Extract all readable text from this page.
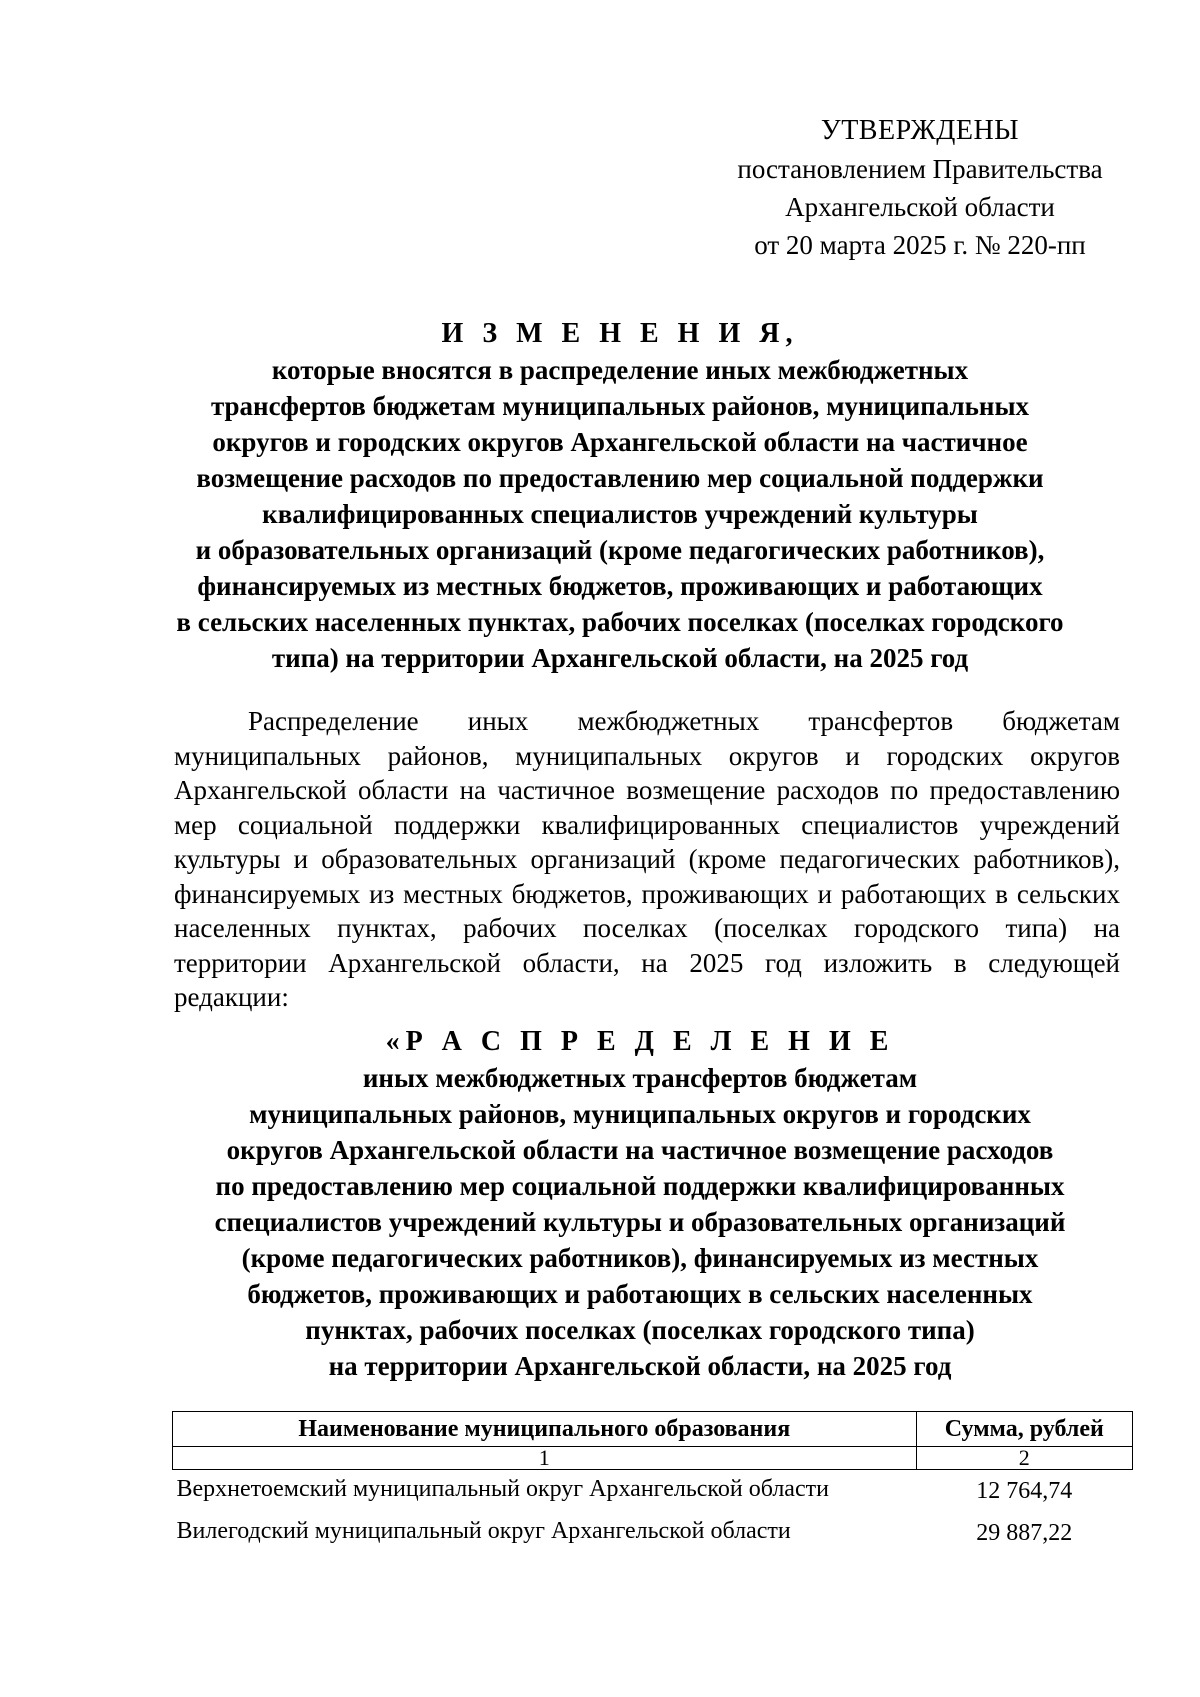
УТВЕРЖДЕНЫ
постановлением Правительства
Архангельской области
от 20 марта 2025 г. № 220-пп
И З М Е Н Е Н И Я,
которые вносятся в распределение иных межбюджетных
трансфертов бюджетам муниципальных районов, муниципальных
округов и городских округов Архангельской области на частичное
возмещение расходов по предоставлению мер социальной поддержки
квалифицированных специалистов учреждений культуры
и образовательных организаций (кроме педагогических работников),
финансируемых из местных бюджетов, проживающих и работающих
в сельских населенных пунктах, рабочих поселках (поселках городского
типа) на территории Архангельской области, на 2025 год
Распределение иных межбюджетных трансфертов бюджетам муниципальных районов, муниципальных округов и городских округов Архангельской области на частичное возмещение расходов по предоставлению мер социальной поддержки квалифицированных специалистов учреждений культуры и образовательных организаций (кроме педагогических работников), финансируемых из местных бюджетов, проживающих и работающих в сельских населенных пунктах, рабочих поселках (поселках городского типа) на территории Архангельской области, на 2025 год изложить в следующей редакции:
«Р А С П Р Е Д Е Л Е Н И Е
иных межбюджетных трансфертов бюджетам
муниципальных районов, муниципальных округов и городских
округов Архангельской области на частичное возмещение расходов
по предоставлению мер социальной поддержки квалифицированных
специалистов учреждений культуры и образовательных организаций
(кроме педагогических работников), финансируемых из местных
бюджетов, проживающих и работающих в сельских населенных
пунктах, рабочих поселках (поселках городского типа)
на территории Архангельской области, на 2025 год
Наименование муниципального образования	Сумма, рублей
1	2
Верхнетоемский муниципальный округ Архангельской области	12 764,74
Вилегодский муниципальный округ Архангельской области	29 887,22
